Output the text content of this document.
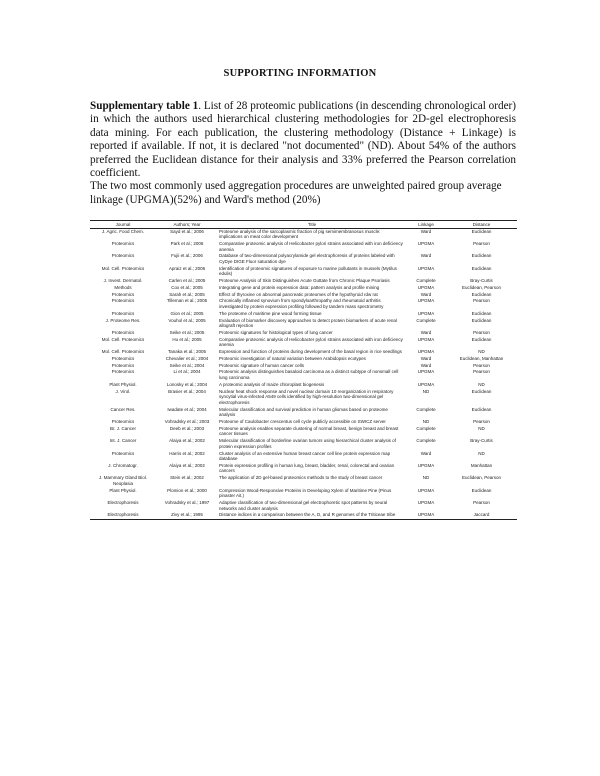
SUPPORTING INFORMATION

Supplementary table 1. List of 28 proteomic publications (in descending chronological order) in which the authors used hierarchical clustering methodologies for 2D-gel electrophoresis data mining. For each publication, the clustering methodology (Distance + Linkage) is reported if available. If not, it is declared "not documented" (ND). About 54% of the authors preferred the Euclidean distance for their analysis and 33% preferred the Pearson correlation coefficient.

The two most commonly used aggregation procedures are unweighted paired group average linkage (UPGMA)(52%) and Ward's method (20%)

Journal	Authors; Year	Title	Linkage	Distance
J. Agric. Food Chem.	Sayd et al.; 2006	Proteome analysis of the sarcoplasmic fraction of pig semimembranosus muscle: implications on meat color development	Ward	Euclidean
Proteomics	Park et al.; 2006	Comparative proteomic analysis of Helicobacter pylori strains associated with iron deficiency anemia	UPGMA	Pearson
Proteomics	Fujii et al.; 2006	Database of two-dimensional polyacrylamide gel electrophoresis of proteins labeled with CyDye DIGE Fluor saturation dye	Ward	Euclidean
Mol. Cell. Proteomics	Apraiz et al.; 2006	Identification of proteomic signatures of exposure to marine pollutants in mussels (Mytilus edulis)	UPGMA	Euclidean
J. Invest. Dermatol.	Carlen et al.; 2005	Proteome Analysis of Skin Distinguishes Acute Guttate from Chronic Plaque Psoriasis	Complete	Bray-Curtis
Methods	Cox et al.; 2005	Integrating gene and protein expression data: pattern analysis and profile mining	UPGMA	Euclidean, Pearson
Proteomics	Sarah et al.; 2005	Effect of thyroxine on abnormal pancreatic proteomes of the hypothyroid rdw rat	Ward	Euclidean
Proteomics	Tilleman et al.; 2005	Chronically inflamed synovium from spondyloarthropathy and rheumatoid arthritis investigated by protein expression profiling followed by tandem mass spectrometry	UPGMA	Pearson
Proteomics	Gion et al.; 2005	The proteome of maritime pine wood forming tissue	UPGMA	Euclidean
J. Proteome Res.	Vouhol et al.; 2005	Evaluation of biomarker discovery approaches to detect protein biomarkers of acute renal allograft rejection	Complete	Euclidean
Proteomics	Seike et al.; 2005	Proteomic signatures for histological types of lung cancer	Ward	Pearson
Mol. Cell. Proteomics	Hu et al.; 2005	Comparative proteomic analysis of Helicobacter pylori strains associated with iron deficiency anemia	UPGMA	Euclidean
Mol. Cell. Proteomics	Tanaka et al.; 2005	Expression and function of proteins during development of the basal region in rice seedlings	UPGMA	ND
Proteomics	Chevalier et al.; 2004	Proteomic investigation of natural variation between Arabidopsis ecotypes	Ward	Euclidean, Manhattan
Proteomics	Seike et al.; 2004	Proteomic signature of human cancer cells	Ward	Pearson
Proteomics	Li et al.; 2004	Proteomic analysis distinguishes basaloid carcinoma as a distinct subtype of nonsmall cell lung carcinoma	UPGMA	Pearson
Plant Physiol.	Lonosky et al.; 2004	A proteomic analysis of maize chloroplast biogenesis	UPGMA	ND
J. Virol.	Brasier et al.; 2004	Nuclear heat shock response and novel nuclear domain 10 reorganization in respiratory syncytial virus-infected A549 cells identified by high-resolution two-dimensional gel electrophoresis	ND	Euclidean
Cancer Res.	Iwadate et al.; 2004	Molecular classification and survival prediction in human gliomas based on proteome analysis	Complete	Euclidean
Proteomics	Vohradsky et al.; 2003	Proteome of Caulobacter crescentus cell cycle publicly accessible on SWICZ server	ND	Pearson
Br. J. Cancer	Deeb et al.; 2003	Proteome analysis enables separate clustering of normal breast, benign breast and breast cancer tissues	Complete	ND
Int. J. Cancer	Alaiya et al.; 2002	Molecular classification of borderline ovarian tumors using hierarchical cluster analysis of protein expression profiles	Complete	Bray-Curtis
Proteomics	Harris et al.; 2002	Cluster analysis of an extensive human breast cancer cell line protein expression map database	Ward	ND
J. Chromatogr.	Alaiya et al.; 2002	Protein expression profiling in human lung, breast, bladder, renal, colorectal and ovarian cancers	UPGMA	Manhattan
J. Mammary Gland Biol. Neoplasia	Stein et al.; 2002	The application of 2D gel-based proteomics methods to the study of breast cancer	ND	Euclidean, Pearson
Plant Physiol.	Plomion et al.; 2000	Compression Wood-Responsive Proteins in Developing Xylem of Maritime Pine (Pinus pinaster Ait.)	UPGMA	Euclidean
Electrophoresis	Vohradsky et al.; 1997	Adaptive classification of two-dimensional gel electrophoretic spot patterns by neural networks and cluster analysis	UPGMA	Pearson
Electrophoresis	Zivy et al.; 1995	Distance indices in a comparison between the A, D, and R genomes of the Triticeae tribe	UPGMA	Jaccard
